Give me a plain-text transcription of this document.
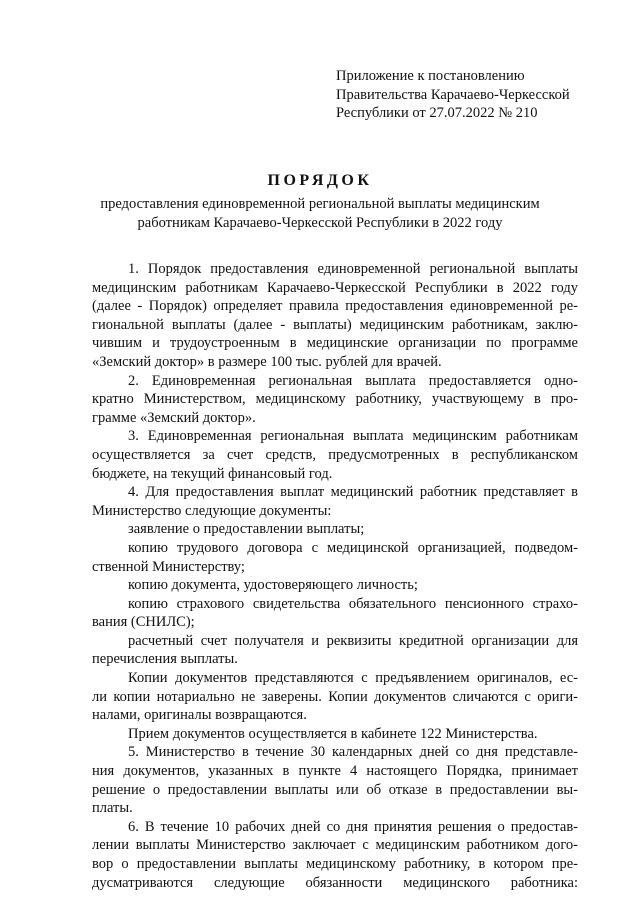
Приложение к постановлению
Правительства Карачаево-Черкесской
Республики от 27.07.2022 № 210
ПОРЯДОК
предоставления единовременной региональной выплаты медицинским
работникам Карачаево-Черкесской Республики в 2022 году
1. Порядок предоставления единовременной региональной выплаты
медицинским работникам Карачаево-Черкесской Республики в 2022 году
(далее - Порядок) определяет правила предоставления единовременной ре-
гиональной выплаты (далее - выплаты) медицинским работникам, заклю-
чившим и трудоустроенным в медицинские организации по программе
«Земский доктор» в размере 100 тыс. рублей для врачей.
2. Единовременная региональная выплата предоставляется одно-
кратно Министерством, медицинскому работнику, участвующему в про-
грамме «Земский доктор».
3. Единовременная региональная выплата медицинским работникам
осуществляется за счет средств, предусмотренных в республиканском
бюджете, на текущий финансовый год.
4. Для предоставления выплат медицинский работник представляет в
Министерство следующие документы:
заявление о предоставлении выплаты;
копию трудового договора с медицинской организацией, подведом-
ственной Министерству;
копию документа, удостоверяющего личность;
копию страхового свидетельства обязательного пенсионного страхо-
вания (СНИЛС);
расчетный счет получателя и реквизиты кредитной организации для
перечисления выплаты.
Копии документов представляются с предъявлением оригиналов, ес-
ли копии нотариально не заверены. Копии документов сличаются с ориги-
налами, оригиналы возвращаются.
Прием документов осуществляется в кабинете 122 Министерства.
5. Министерство в течение 30 календарных дней со дня представле-
ния документов, указанных в пункте 4 настоящего Порядка, принимает
решение о предоставлении выплаты или об отказе в предоставлении вы-
платы.
6. В течение 10 рабочих дней со дня принятия решения о предостав-
лении выплаты Министерство заключает с медицинским работником дого-
вор о предоставлении выплаты медицинскому работнику, в котором пре-
дусматриваются следующие обязанности медицинского работника:
